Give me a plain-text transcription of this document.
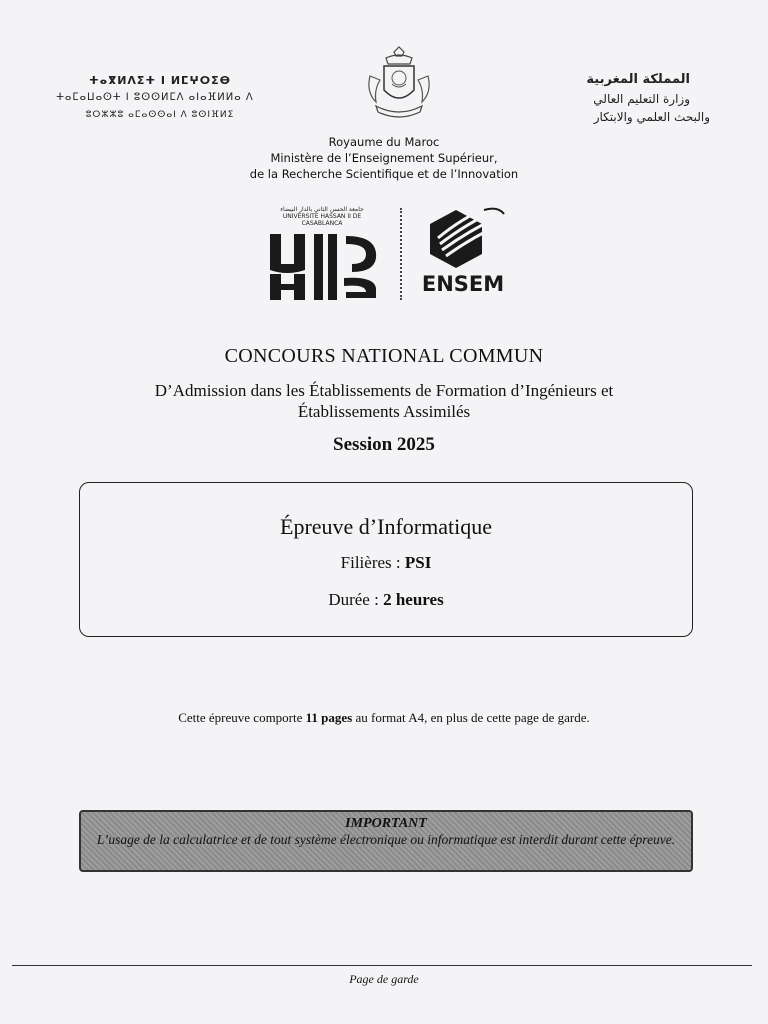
ⵜⴰⴳⵍⴷⵉⵜ ⵏ ⵍⵎⵖⵔⵉⴱ
ⵜⴰⵎⴰⵡⴰⵙⵜ ⵏ ⵓⵙⵙⵍⵎⴷ ⴰⵏⴰⴼⵍⵍⴰ ⴷ
ⵓⵔⵣⵣⵓ ⴰⵎⴰⵙⵙⴰⵏ ⴷ ⵓⵙⵏⴼⵍⵉ
المملكة المغربية
وزارة التعليم العالي
والبحث العلمي والابتكار
Royaume du Maroc
Ministère de l’Enseignement Supérieur,
de la Recherche Scientifique et de l’Innovation
جامعة الحسن الثاني بالدار البيضاء
UNIVERSITE HASSAN II DE CASABLANCA
ENSEM
CONCOURS NATIONAL COMMUN
D’Admission dans les Établissements de Formation d’Ingénieurs et
Établissements Assimilés
Session 2025
Épreuve d’Informatique
Filières : PSI
Durée : 2 heures
Cette épreuve comporte 11 pages au format A4, en plus de cette page de garde.
IMPORTANT
L’usage de la calculatrice et de tout système électronique ou informatique est interdit durant cette épreuve.
Page de garde
